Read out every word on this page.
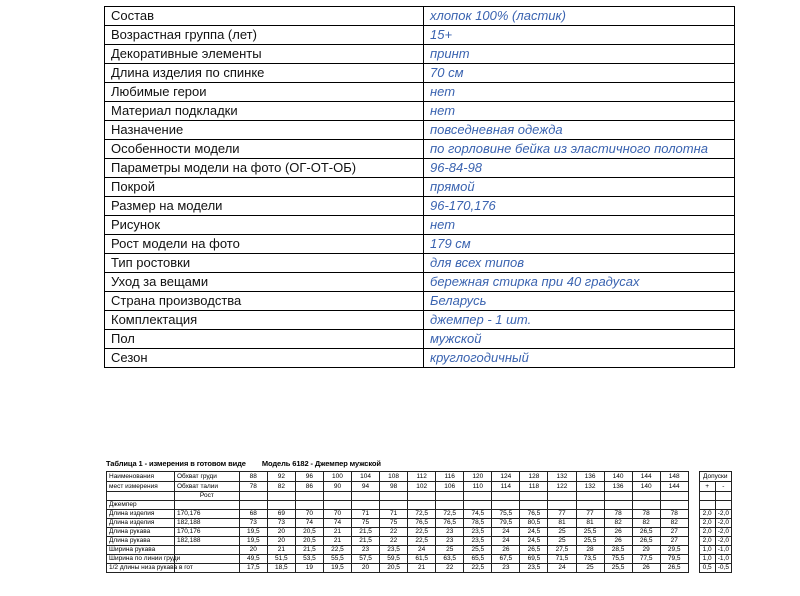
Состав	хлопок 100% (ластик)
Возрастная группа (лет)	15+
Декоративные элементы	принт
Длина изделия по спинке	70 см
Любимые герои	нет
Материал подкладки	нет
Назначение	повседневная одежда
Особенности модели	по горловине бейка из эластичного полотна
Параметры модели на фото (ОГ-ОТ-ОБ)	96-84-98
Покрой	прямой
Размер на модели	96-170,176
Рисунок	нет
Рост модели на фото	179 см
Тип ростовки	для всех типов
Уход за вещами	бережная стирка при 40 градусах
Страна производства	Беларусь
Комплектация	джемпер - 1 шт.
Пол	мужской
Сезон	круглогодичный
Таблица 1 - измерения в готовом виде Модель 6182 - Джемпер мужской
Наименования	Обхват груди	88	92	96	100	104	108	112	116	120	124	128	132	136	140	144	148		Допуски	
мест измерения	Обхват талии	78	82	86	90	94	98	102	106	110	114	118	122	132	136	140	144		+	-
	Рост																			
Джемпер																				
Длина изделия	170,176	68	69	70	70	71	71	72,5	72,5	74,5	75,5	76,5	77	77	78	78	78		2,0	-2,0
Длина изделия	182,188	73	73	74	74	75	75	76,5	76,5	78,5	79,5	80,5	81	81	82	82	82		2,0	-2,0
Длина рукава	170,176	19,5	20	20,5	21	21,5	22	22,5	23	23,5	24	24,5	25	25,5	26	26,5	27		2,0	-2,0
Длина рукава	182,188	19,5	20	20,5	21	21,5	22	22,5	23	23,5	24	24,5	25	25,5	26	26,5	27		2,0	-2,0
Ширина рукава		20	21	21,5	22,5	23	23,5	24	25	25,5	26	26,5	27,5	28	28,5	29	29,5		1,0	-1,0
Ширина по линии груди		49,5	51,5	53,5	55,5	57,5	59,5	61,5	63,5	65,5	67,5	69,5	71,5	73,5	75,5	77,5	79,5		1,0	-1,0
1/2 длины низа рукава в гот		17,5	18,5	19	19,5	20	20,5	21	22	22,5	23	23,5	24	25	25,5	26	26,5		0,5	-0,5
